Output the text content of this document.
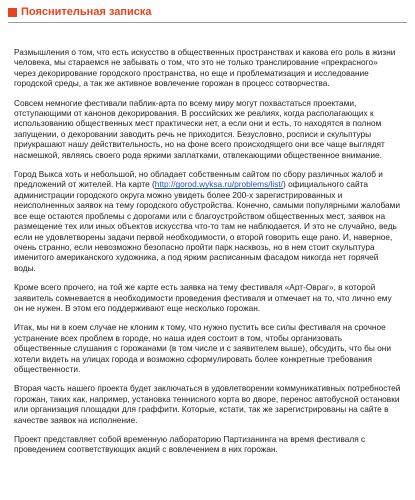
Пояснительная записка

Размышления о том, что есть искусство в общественных пространствах и какова его роль в жизни человека, мы стараемся не забывать о том, что это не только транслирование «прекрасного» через декорирование городского пространства, но еще и проблематизация и исследование городской среды, а так же активное вовлечение горожан в процесс сотворчества.

Совсем немногие фестивали паблик-арта по всему миру могут похвастаться проектами, отступающими от канонов декорирования. В российских же реалиях, когда располагающих к использованию общественных мест практически нет, а если они и есть, то находятся в полном запущении, о декоровании заводить речь не приходится. Безусловно, росписи и скульптуры приукрашают нашу действительность, но на фоне всего происходящего они все чаще выглядят насмешкой, являясь своего рода яркими заплатками, отвлекающими общественное внимание.

Город Выкса хоть и небольшой, но обладает собственным сайтом по сбору различных жалоб и предложений от жителей. На карте (http://gorod.wyksa.ru/problems/list/) официального сайта администрации городского округа можно увидеть более 200-х зарегистрированных и неисполненных заявок на тему городского обустройства. Конечно, самыми популярными жалобами все еще остаются проблемы с дорогами или с благоустройством общественных мест, заявок на размещение тех или иных объектов искусства что-то там не наблюдается. И это не случайно, ведь если не удовлетворены задачи первой необходимости, о второй говорить еще рано. И, наверное, очень странно, если невозможно безопасно пройти парк насквозь, но в нем стоит скульптура именитого американского художника, а под ярким расписанным фасадом никогда нет горячей воды.

Кроме всего прочего, на той же карте есть заявка на тему фестиваля «Арт-Овраг», в которой заявитель сомневается в необходимости проведения фестиваля и отмечает на то, что лично ему он не нужен. В этом его поддерживают еще несколько горожан.

Итак, мы ни в коем случае не клоним к тому, что нужно пустить все силы фестиваля на срочное устранение всех проблем в городе, но наша идея состоит в том, чтобы организовать общественные слушания с горожанами (в том числе и с заявителем выше), обсудить, что бы они хотели видеть на улицах города и возможно сформулировать более конкретные требования общественности.

Вторая часть нашего проекта будет заключаться в удовлетворении коммуникативных потребностей горожан, таких как, например, установка теннисного корта во дворе, перенос автобусной остановки или организация площадки для граффити. Которые, кстати, так же зарегистрированы на сайте в качестве заявок на исполнение.

Проект представляет собой временную лабораторию Партизанинга на время фестиваля с проведением соответствующих акций с вовлечением в них горожан.
